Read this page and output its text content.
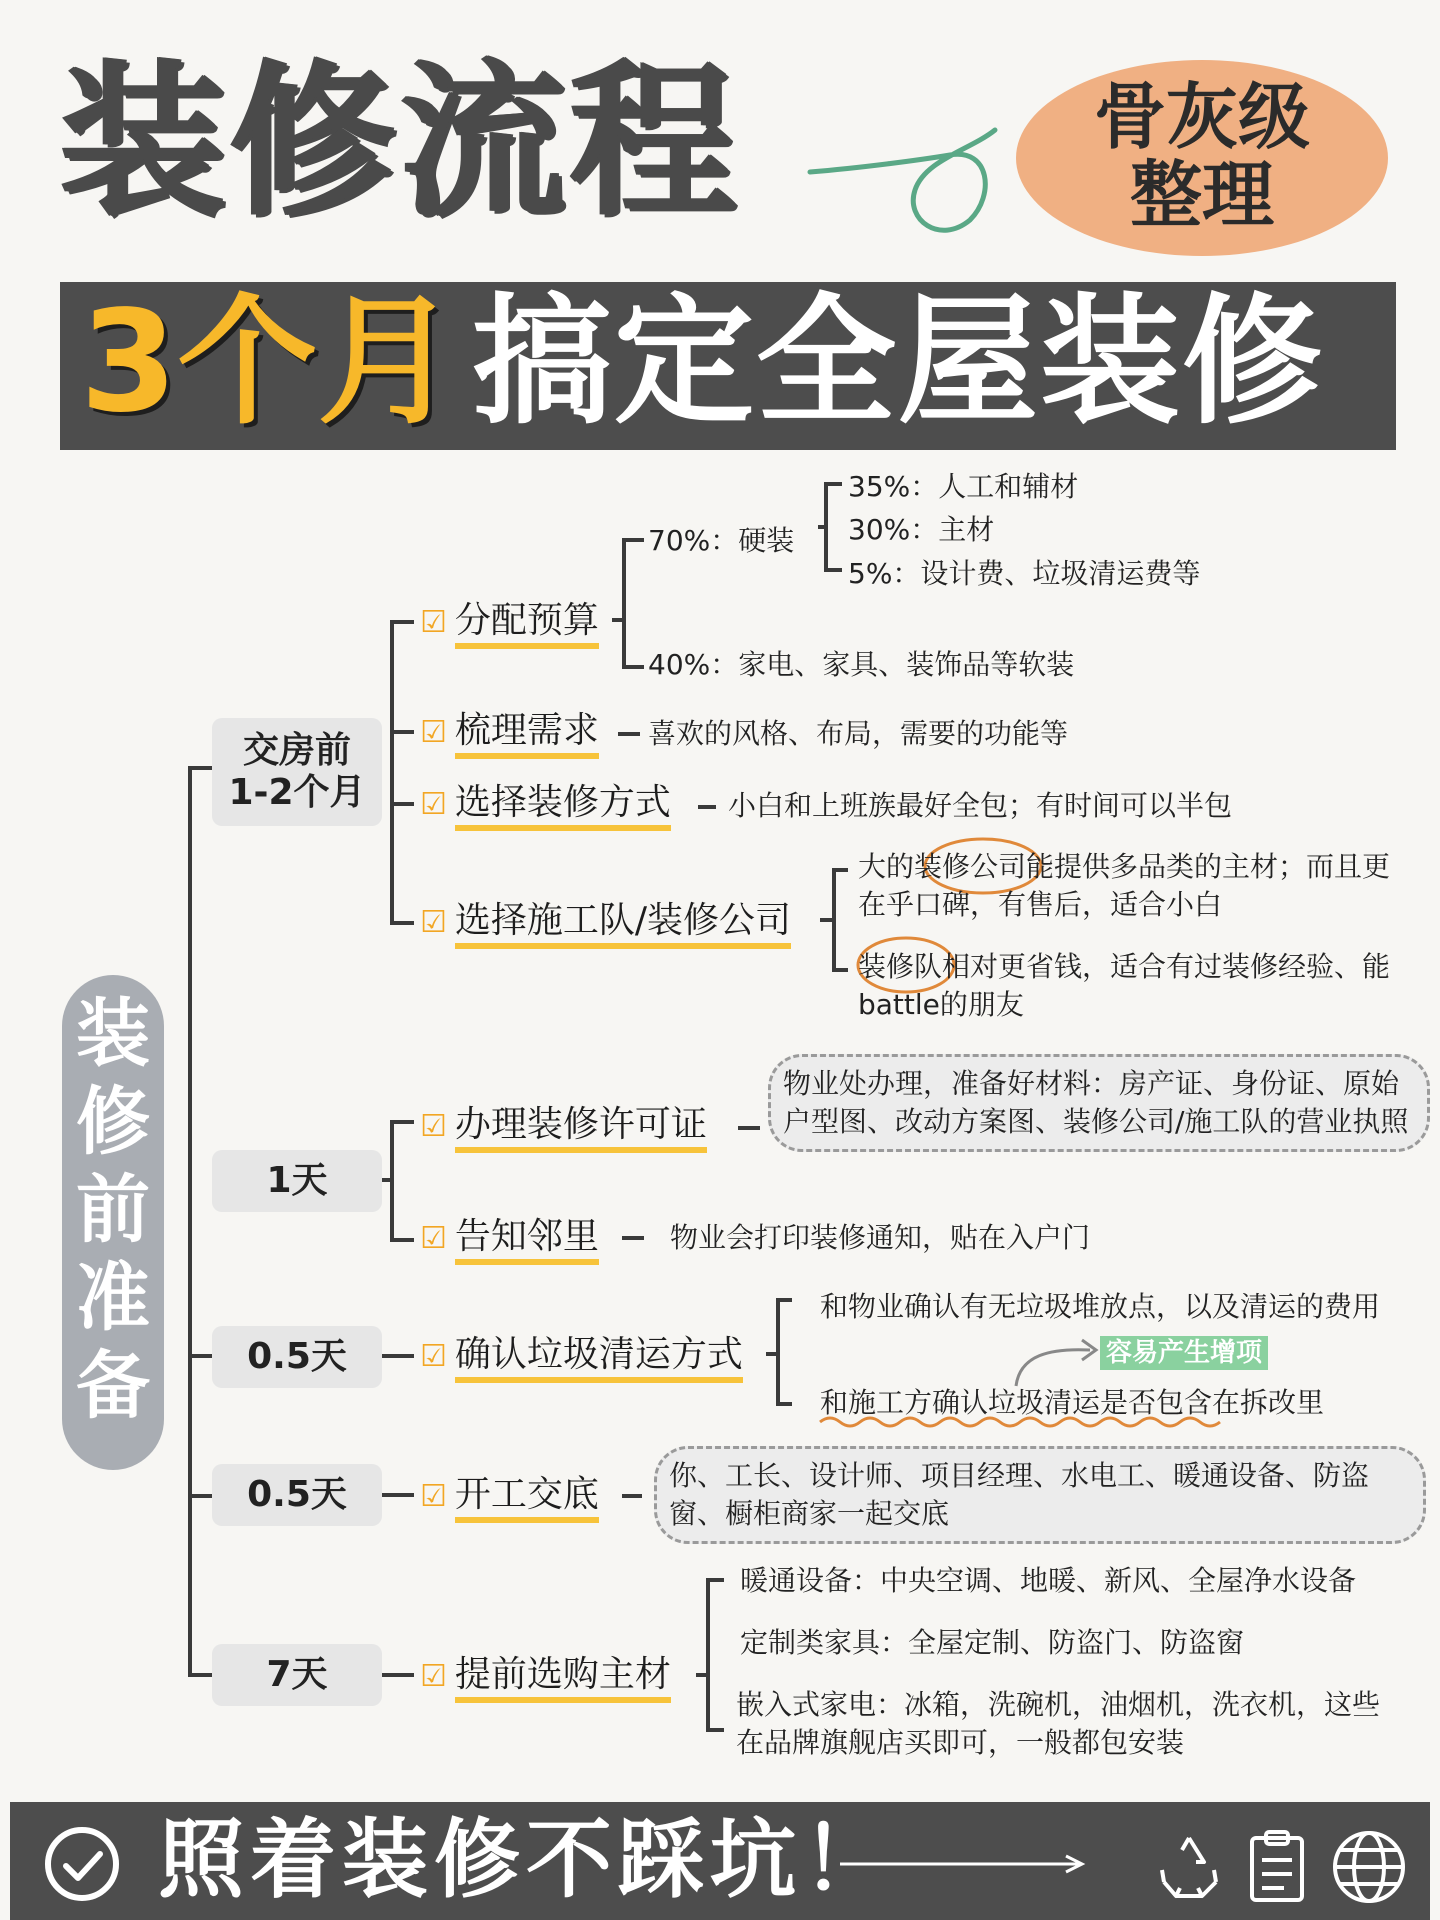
装修流程	骨灰级
整理
3个月 搞定全屋装修
装修前准备
交房前
1-2个月
1天
0.5天
0.5天
7天
☑ 分配预算
☑ 梳理需求
☑ 选择装修方式
☑ 选择施工队/装修公司
☑ 办理装修许可证
☑ 告知邻里
☑ 确认垃圾清运方式
☑ 开工交底
☑ 提前选购主材
70%：硬装
35%：人工和辅材
30%：主材
5%：设计费、垃圾清运费等
40%：家电、家具、装饰品等软装
喜欢的风格、布局，需要的功能等
小白和上班族最好全包；有时间可以半包
大的装修公司能提供多品类的主材；而且更在乎口碑，有售后，适合小白
装修队相对更省钱，适合有过装修经验、能battle的朋友
物业处办理，准备好材料：房产证、身份证、原始户型图、改动方案图、装修公司/施工队的营业执照
物业会打印装修通知，贴在入户门
和物业确认有无垃圾堆放点，以及清运的费用
容易产生增项
和施工方确认垃圾清运是否包含在拆改里
你、工长、设计师、项目经理、水电工、暖通设备、防盗窗、橱柜商家一起交底
暖通设备：中央空调、地暖、新风、全屋净水设备
定制类家具：全屋定制、防盗门、防盗窗
嵌入式家电：冰箱，洗碗机，油烟机，洗衣机，这些在品牌旗舰店买即可，一般都包安装
照着装修不踩坑！
